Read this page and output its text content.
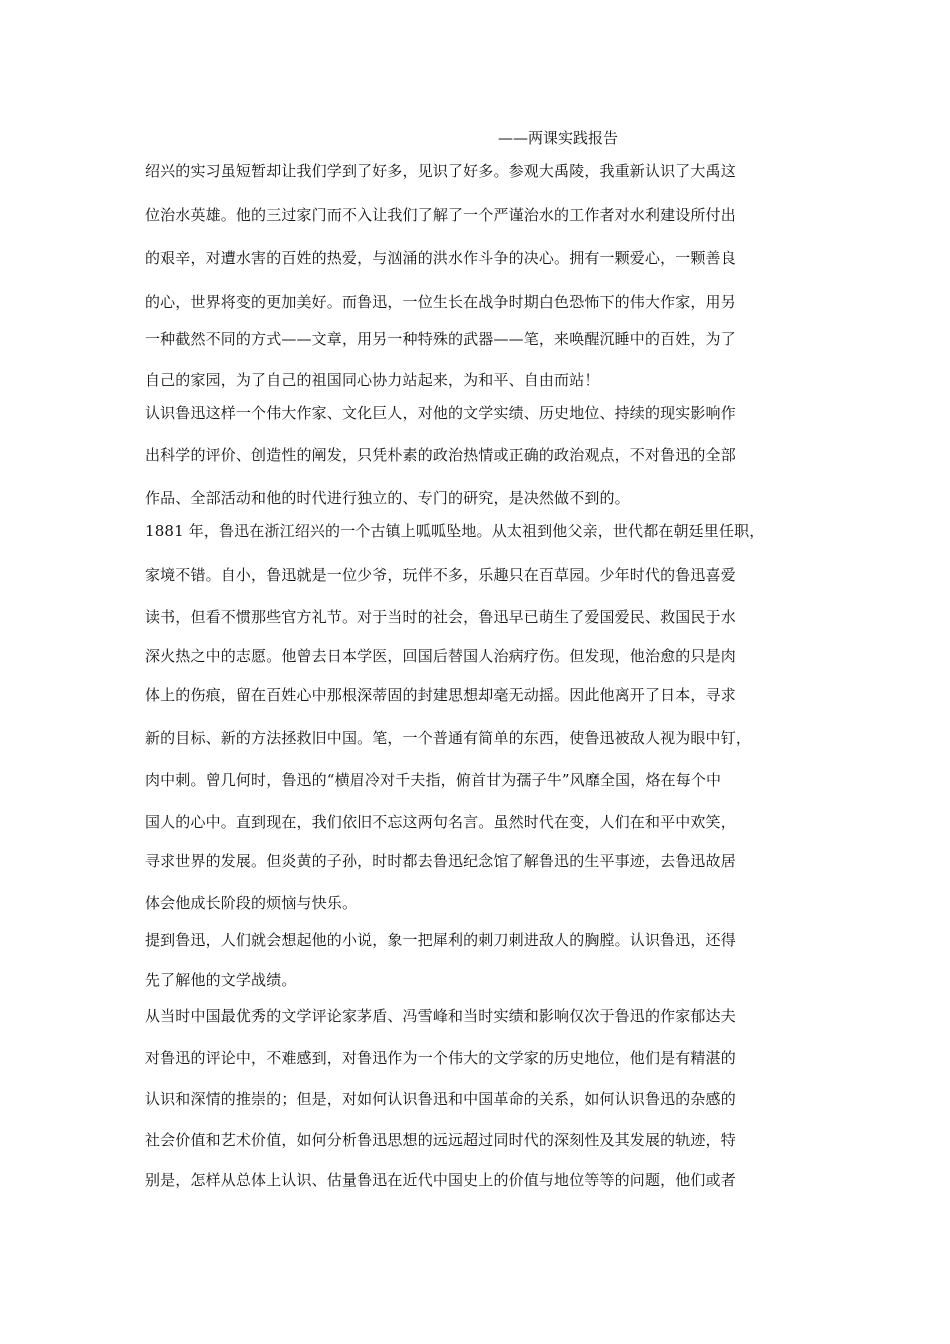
——两课实践报告
绍兴的实习虽短暂却让我们学到了好多，见识了好多。参观大禹陵，我重新认识了大禹这
位治水英雄。他的三过家门而不入让我们了解了一个严谨治水的工作者对水利建设所付出
的艰辛，对遭水害的百姓的热爱，与汹涌的洪水作斗争的决心。拥有一颗爱心，一颗善良
的心，世界将变的更加美好。而鲁迅，一位生长在战争时期白色恐怖下的伟大作家，用另
一种截然不同的方式——文章，用另一种特殊的武器——笔，来唤醒沉睡中的百姓，为了
自己的家园，为了自己的祖国同心协力站起来，为和平、自由而站！
认识鲁迅这样一个伟大作家、文化巨人，对他的文学实绩、历史地位、持续的现实影响作
出科学的评价、创造性的阐发，只凭朴素的政治热情或正确的政治观点，不对鲁迅的全部
作品、全部活动和他的时代进行独立的、专门的研究，是决然做不到的。
1881 年，鲁迅在浙江绍兴的一个古镇上呱呱坠地。从太祖到他父亲，世代都在朝廷里任职，
家境不错。自小，鲁迅就是一位少爷，玩伴不多，乐趣只在百草园。少年时代的鲁迅喜爱
读书，但看不惯那些官方礼节。对于当时的社会，鲁迅早已萌生了爱国爱民、救国民于水
深火热之中的志愿。他曾去日本学医，回国后替国人治病疗伤。但发现，他治愈的只是肉
体上的伤痕，留在百姓心中那根深蒂固的封建思想却毫无动摇。因此他离开了日本，寻求
新的目标、新的方法拯救旧中国。笔，一个普通有简单的东西，使鲁迅被敌人视为眼中钉，
肉中刺。曾几何时，鲁迅的“横眉冷对千夫指，俯首甘为孺子牛”风靡全国，烙在每个中
国人的心中。直到现在，我们依旧不忘这两句名言。虽然时代在变，人们在和平中欢笑，
寻求世界的发展。但炎黄的子孙，时时都去鲁迅纪念馆了解鲁迅的生平事迹，去鲁迅故居
体会他成长阶段的烦恼与快乐。
提到鲁迅，人们就会想起他的小说，象一把犀利的刺刀刺进敌人的胸膛。认识鲁迅，还得
先了解他的文学战绩。
从当时中国最优秀的文学评论家茅盾、冯雪峰和当时实绩和影响仅次于鲁迅的作家郁达夫
对鲁迅的评论中，不难感到，对鲁迅作为一个伟大的文学家的历史地位，他们是有精湛的
认识和深情的推崇的；但是，对如何认识鲁迅和中国革命的关系，如何认识鲁迅的杂感的
社会价值和艺术价值，如何分析鲁迅思想的远远超过同时代的深刻性及其发展的轨迹，特
别是，怎样从总体上认识、估量鲁迅在近代中国史上的价值与地位等等的问题，他们或者
